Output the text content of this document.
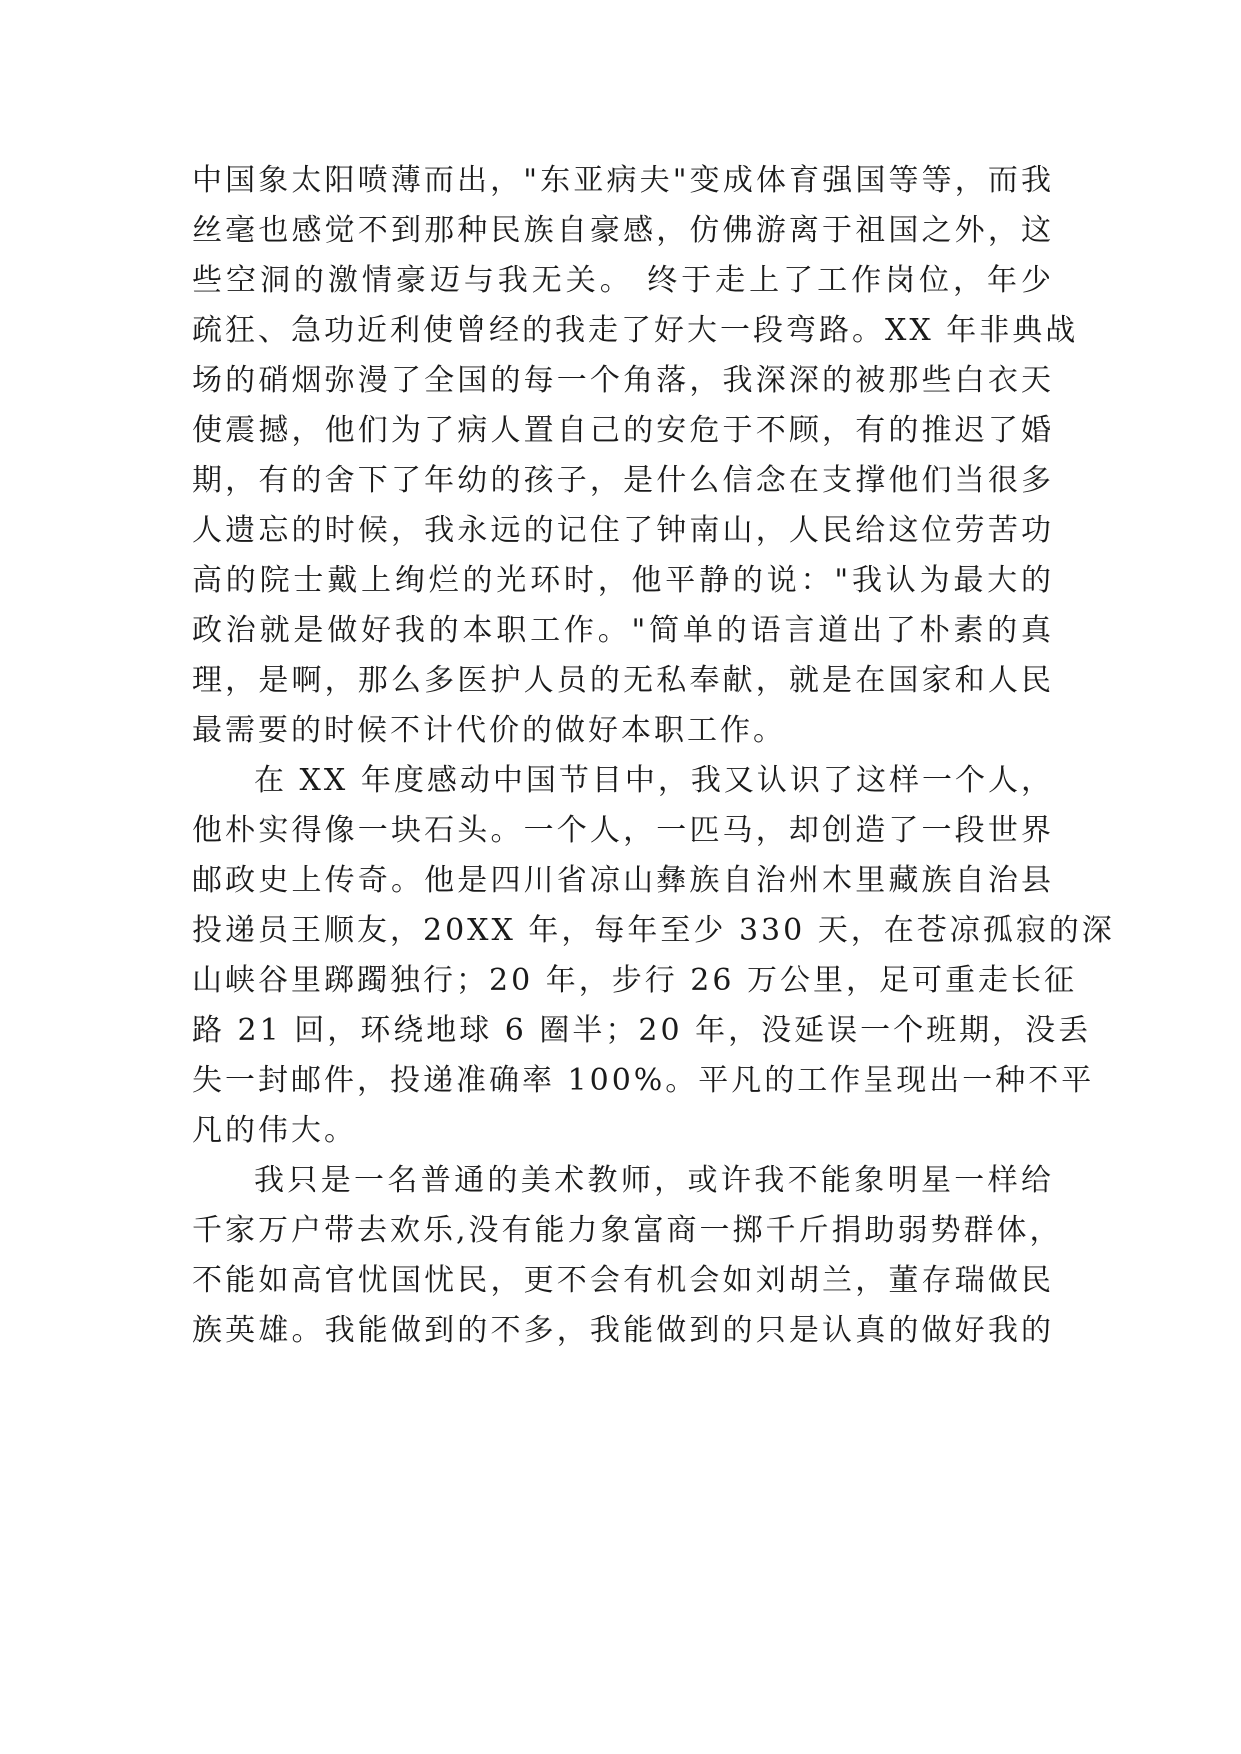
中国象太阳喷薄而出，"东亚病夫"变成体育强国等等，而我
丝毫也感觉不到那种民族自豪感，仿佛游离于祖国之外，这
些空洞的激情豪迈与我无关。 终于走上了工作岗位，年少
疏狂、急功近利使曾经的我走了好大一段弯路。XX 年非典战
场的硝烟弥漫了全国的每一个角落，我深深的被那些白衣天
使震撼，他们为了病人置自己的安危于不顾，有的推迟了婚
期，有的舍下了年幼的孩子，是什么信念在支撑他们当很多
人遗忘的时候，我永远的记住了钟南山，人民给这位劳苦功
高的院士戴上绚烂的光环时，他平静的说："我认为最大的
政治就是做好我的本职工作。"简单的语言道出了朴素的真
理，是啊，那么多医护人员的无私奉献，就是在国家和人民
最需要的时候不计代价的做好本职工作。
在 XX 年度感动中国节目中，我又认识了这样一个人，
他朴实得像一块石头。一个人，一匹马，却创造了一段世界
邮政史上传奇。他是四川省凉山彝族自治州木里藏族自治县
投递员王顺友，20XX 年，每年至少 330 天，在苍凉孤寂的深
山峡谷里踯躅独行；20 年，步行 26 万公里，足可重走长征
路 21 回，环绕地球 6 圈半；20 年，没延误一个班期，没丢
失一封邮件，投递准确率 100%。平凡的工作呈现出一种不平
凡的伟大。
我只是一名普通的美术教师，或许我不能象明星一样给
千家万户带去欢乐,没有能力象富商一掷千斤捐助弱势群体，
不能如高官忧国忧民，更不会有机会如刘胡兰，董存瑞做民
族英雄。我能做到的不多，我能做到的只是认真的做好我的
